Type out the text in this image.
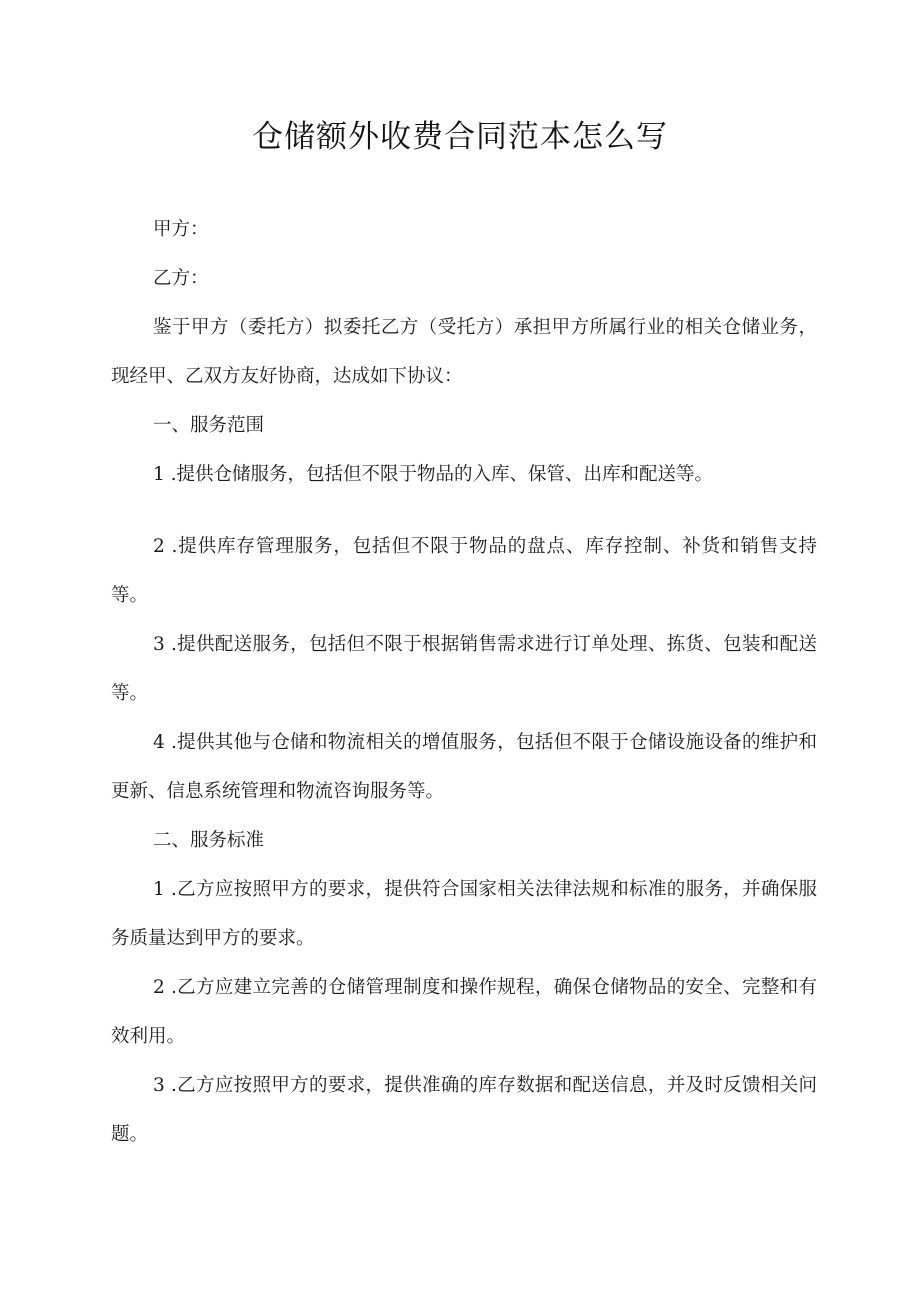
仓储额外收费合同范本怎么写
甲方：
乙方：
鉴于甲方（委托方）拟委托乙方（受托方）承担甲方所属行业的相关仓储业务，现经甲、乙双方友好协商，达成如下协议：
一、服务范围
1 .提供仓储服务，包括但不限于物品的入库、保管、出库和配送等。
2 .提供库存管理服务，包括但不限于物品的盘点、库存控制、补货和销售支持等。
3 .提供配送服务，包括但不限于根据销售需求进行订单处理、拣货、包装和配送等。
4 .提供其他与仓储和物流相关的增值服务，包括但不限于仓储设施设备的维护和更新、信息系统管理和物流咨询服务等。
二、服务标准
1 .乙方应按照甲方的要求，提供符合国家相关法律法规和标准的服务，并确保服务质量达到甲方的要求。
2 .乙方应建立完善的仓储管理制度和操作规程，确保仓储物品的安全、完整和有效利用。
3 .乙方应按照甲方的要求，提供准确的库存数据和配送信息，并及时反馈相关问题。
